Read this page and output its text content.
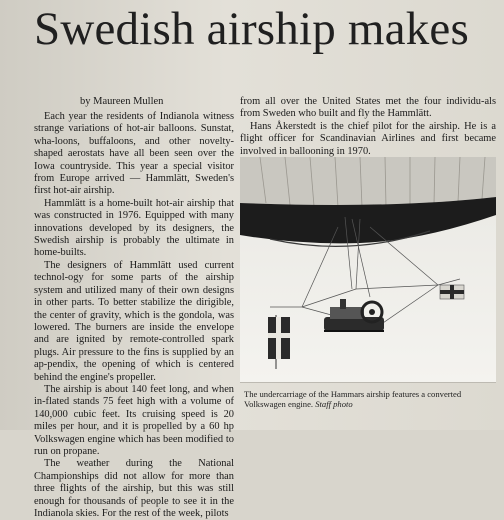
Swedish airship makes
by Maureen Mullen

Each year the residents of Indianola witness strange variations of hot-air balloons. Sunstat, wha-loons, buffaloons, and other novelty-shaped aerostats have all been seen over the Iowa countryside. This year a special visitor from Europe arrived — Hammlätt, Sweden's first hot-air airship.

Hammlätt is a home-built hot-air airship that was constructed in 1976. Equipped with many innovations developed by its designers, the Swedish airship is probably the ultimate in home-builts.

The designers of Hammlätt used current technol-ogy for some parts of the airship system and utilized many of their own designs in other parts. To better stabilize the dirigible, the center of gravity, which is the gondola, was lowered. The burners are inside the envelope and are ignited by remote-controlled spark plugs. Air pressure to the fins is supplied by an ap-pendix, the opening of which is centered behind the engine's propeller.

The airship is about 140 feet long, and when in-flated stands 75 feet high with a volume of 140,000 cubic feet. Its cruising speed is 20 miles per hour, and it is propelled by a 60 hp Volkswagen engine which has been modified to run on propane.

The weather during the National Championships did not allow for more than three flights of the airship, but this was still enough for thousands of people to see it in the Indianola skies. For the rest of the week, pilots

from all over the United States met the four individu-als from Sweden who built and fly the Hammlätt.

Hans Åkerstedt is the chief pilot for the airship. He is a flight officer for Scandinavian Airlines and first became involved in ballooning in 1970.

The undercarriage of the Hammars airship features a converted Volkswagen engine. Staff photo
